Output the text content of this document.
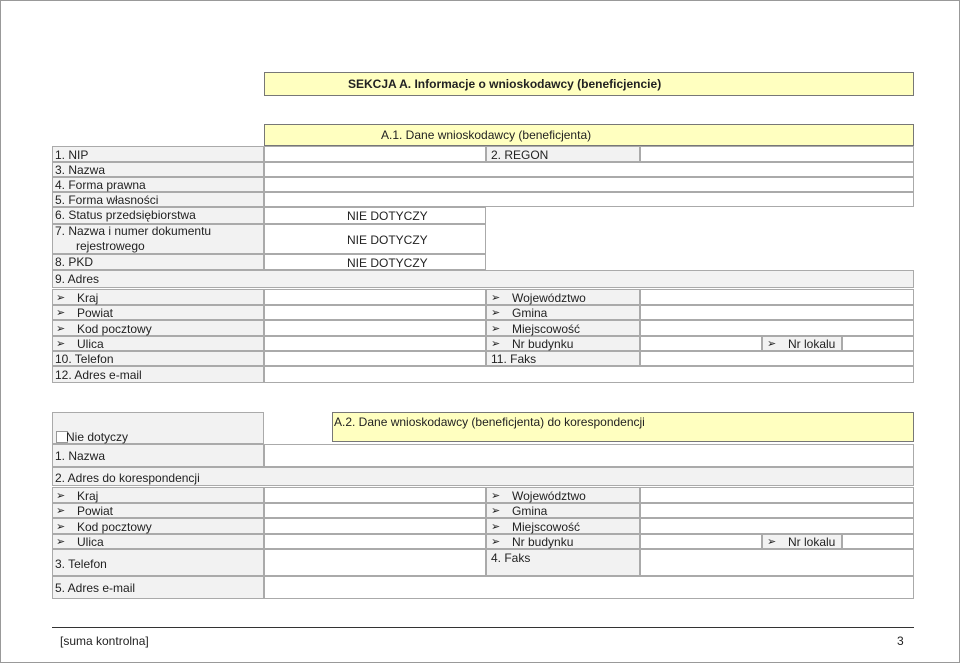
SEKCJA A. Informacje o wnioskodawcy (beneficjencie)
A.1. Dane wnioskodawcy (beneficjenta)
1. NIP	2. REGON
3. Nazwa
4. Forma prawna
5. Forma własności
6. Status przedsiębiorstwa	NIE DOTYCZY
7. Nazwa i numer dokumentu
rejestrowego	NIE DOTYCZY
8. PKD	NIE DOTYCZY
9. Adres
➢ Kraj	➢ Województwo
➢ Powiat	➢ Gmina
➢ Kod pocztowy	➢ Miejscowość
➢ Ulica	➢ Nr budynku	➢ Nr lokalu
10. Telefon	11. Faks
12. Adres e-mail
Nie dotyczy
A.2. Dane wnioskodawcy (beneficjenta) do korespondencji
1. Nazwa
2. Adres do korespondencji
➢ Kraj	➢ Województwo
➢ Powiat	➢ Gmina
➢ Kod pocztowy	➢ Miejscowość
➢ Ulica	➢ Nr budynku	➢ Nr lokalu
3. Telefon	4. Faks
5. Adres e-mail
[suma kontrolna]	3
